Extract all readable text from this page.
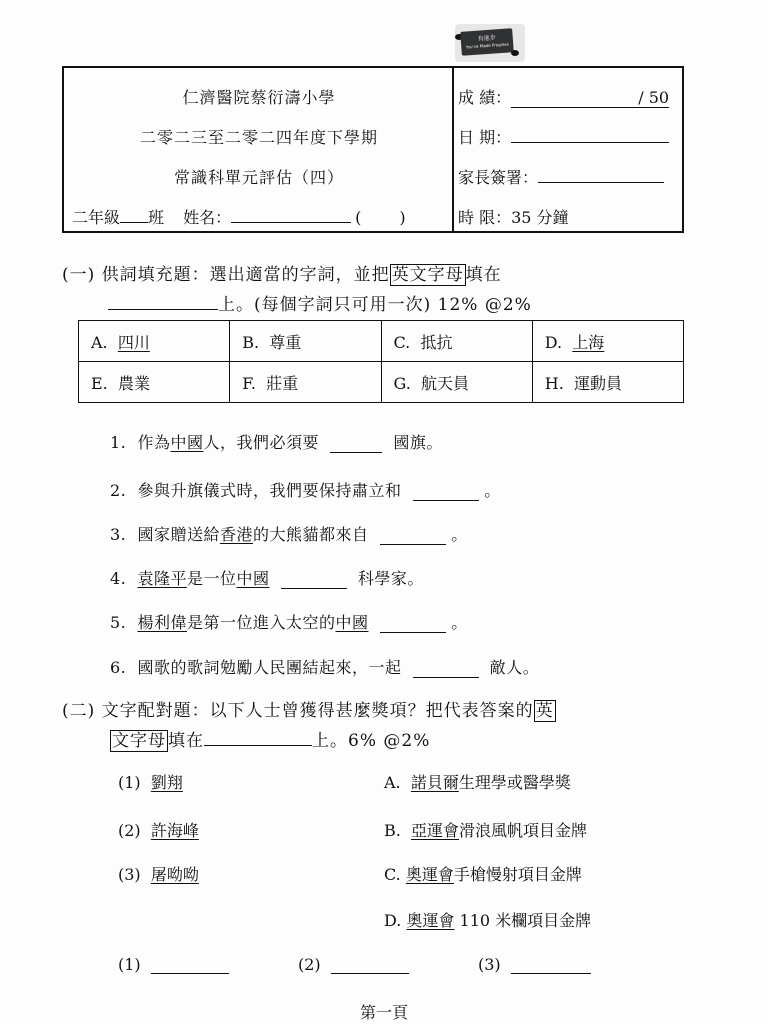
有進步
You've Made Progress
仁濟醫院蔡衍濤小學
二零二三至二零二四年度下學期
常識科單元評估（四）
二年級 班 姓名：	( )
成 績：	/ 50
日 期：
家長簽署：
時 限：35 分鐘
(一) 供詞填充題：選出適當的字詞，並把 英文字母 填在
上。(每個字詞只可用一次) 12% @2%
A. 四川	B. 尊重	C. 抵抗	D. 上海
E. 農業	F. 莊重	G. 航天員	H. 運動員
1. 作為中國人，我們必須要	國旗。
2. 參與升旗儀式時，我們要保持肅立和	。
3. 國家贈送給香港的大熊貓都來自	。
4. 袁隆平是一位中國	科學家。
5. 楊利偉是第一位進入太空的中國	。
6. 國歌的歌詞勉勵人民團結起來，一起	敵人。
(二) 文字配對題：以下人士曾獲得甚麼獎項？把代表答案的 英
文字母 填在	上。6% @2%
(1) 劉翔
(2) 許海峰
(3) 屠呦呦
A. 諾貝爾生理學或醫學獎
B. 亞運會滑浪風帆項目金牌
C. 奧運會手槍慢射項目金牌
D. 奧運會 110 米欄項目金牌
(1)	(2)	(3)
第一頁
